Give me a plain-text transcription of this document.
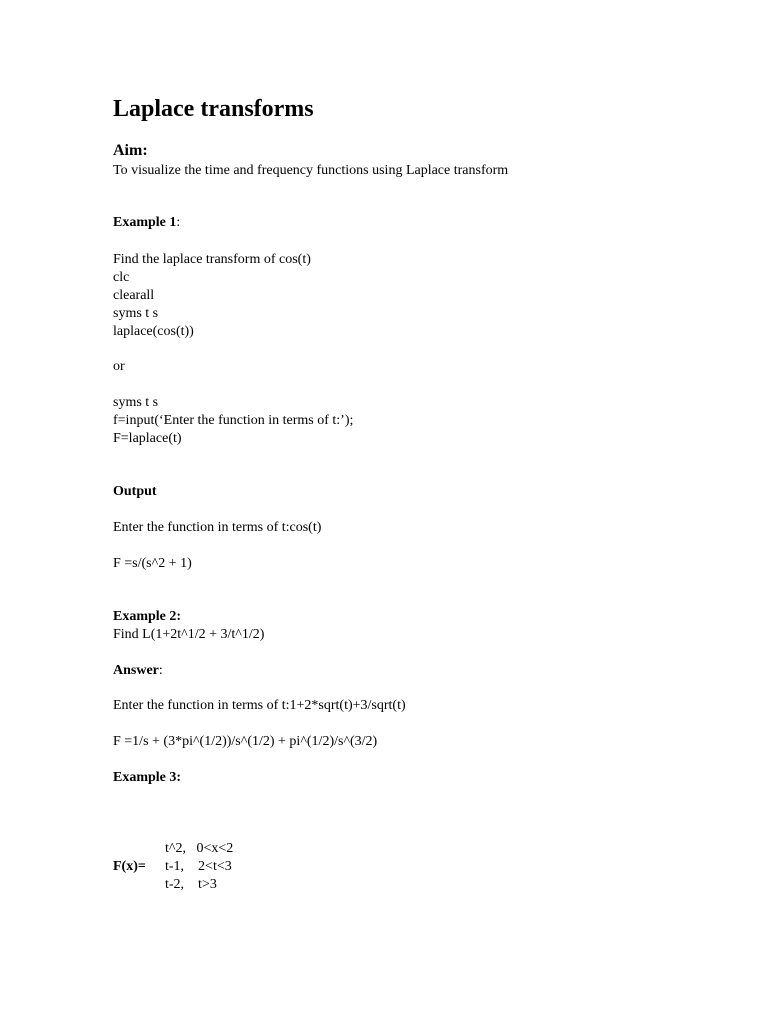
Laplace transforms
Aim:
To visualize the time and frequency functions using Laplace transform
Example 1:
Find the laplace transform of cos(t)
clc
clearall
syms t s
laplace(cos(t))
or
syms t s
f=input(‘Enter the function in terms of t:’);
F=laplace(t)
Output
Enter the function in terms of t:cos(t)
F =s/(s^2 + 1)
Example 2:
Find L(1+2t^1/2 + 3/t^1/2)
Answer:
Enter the function in terms of t:1+2*sqrt(t)+3/sqrt(t)
F =1/s + (3*pi^(1/2))/s^(1/2) + pi^(1/2)/s^(3/2)
Example 3:
F(x)=
t^2,   0<x<2
t-1,    2<t<3
t-2,    t>3
